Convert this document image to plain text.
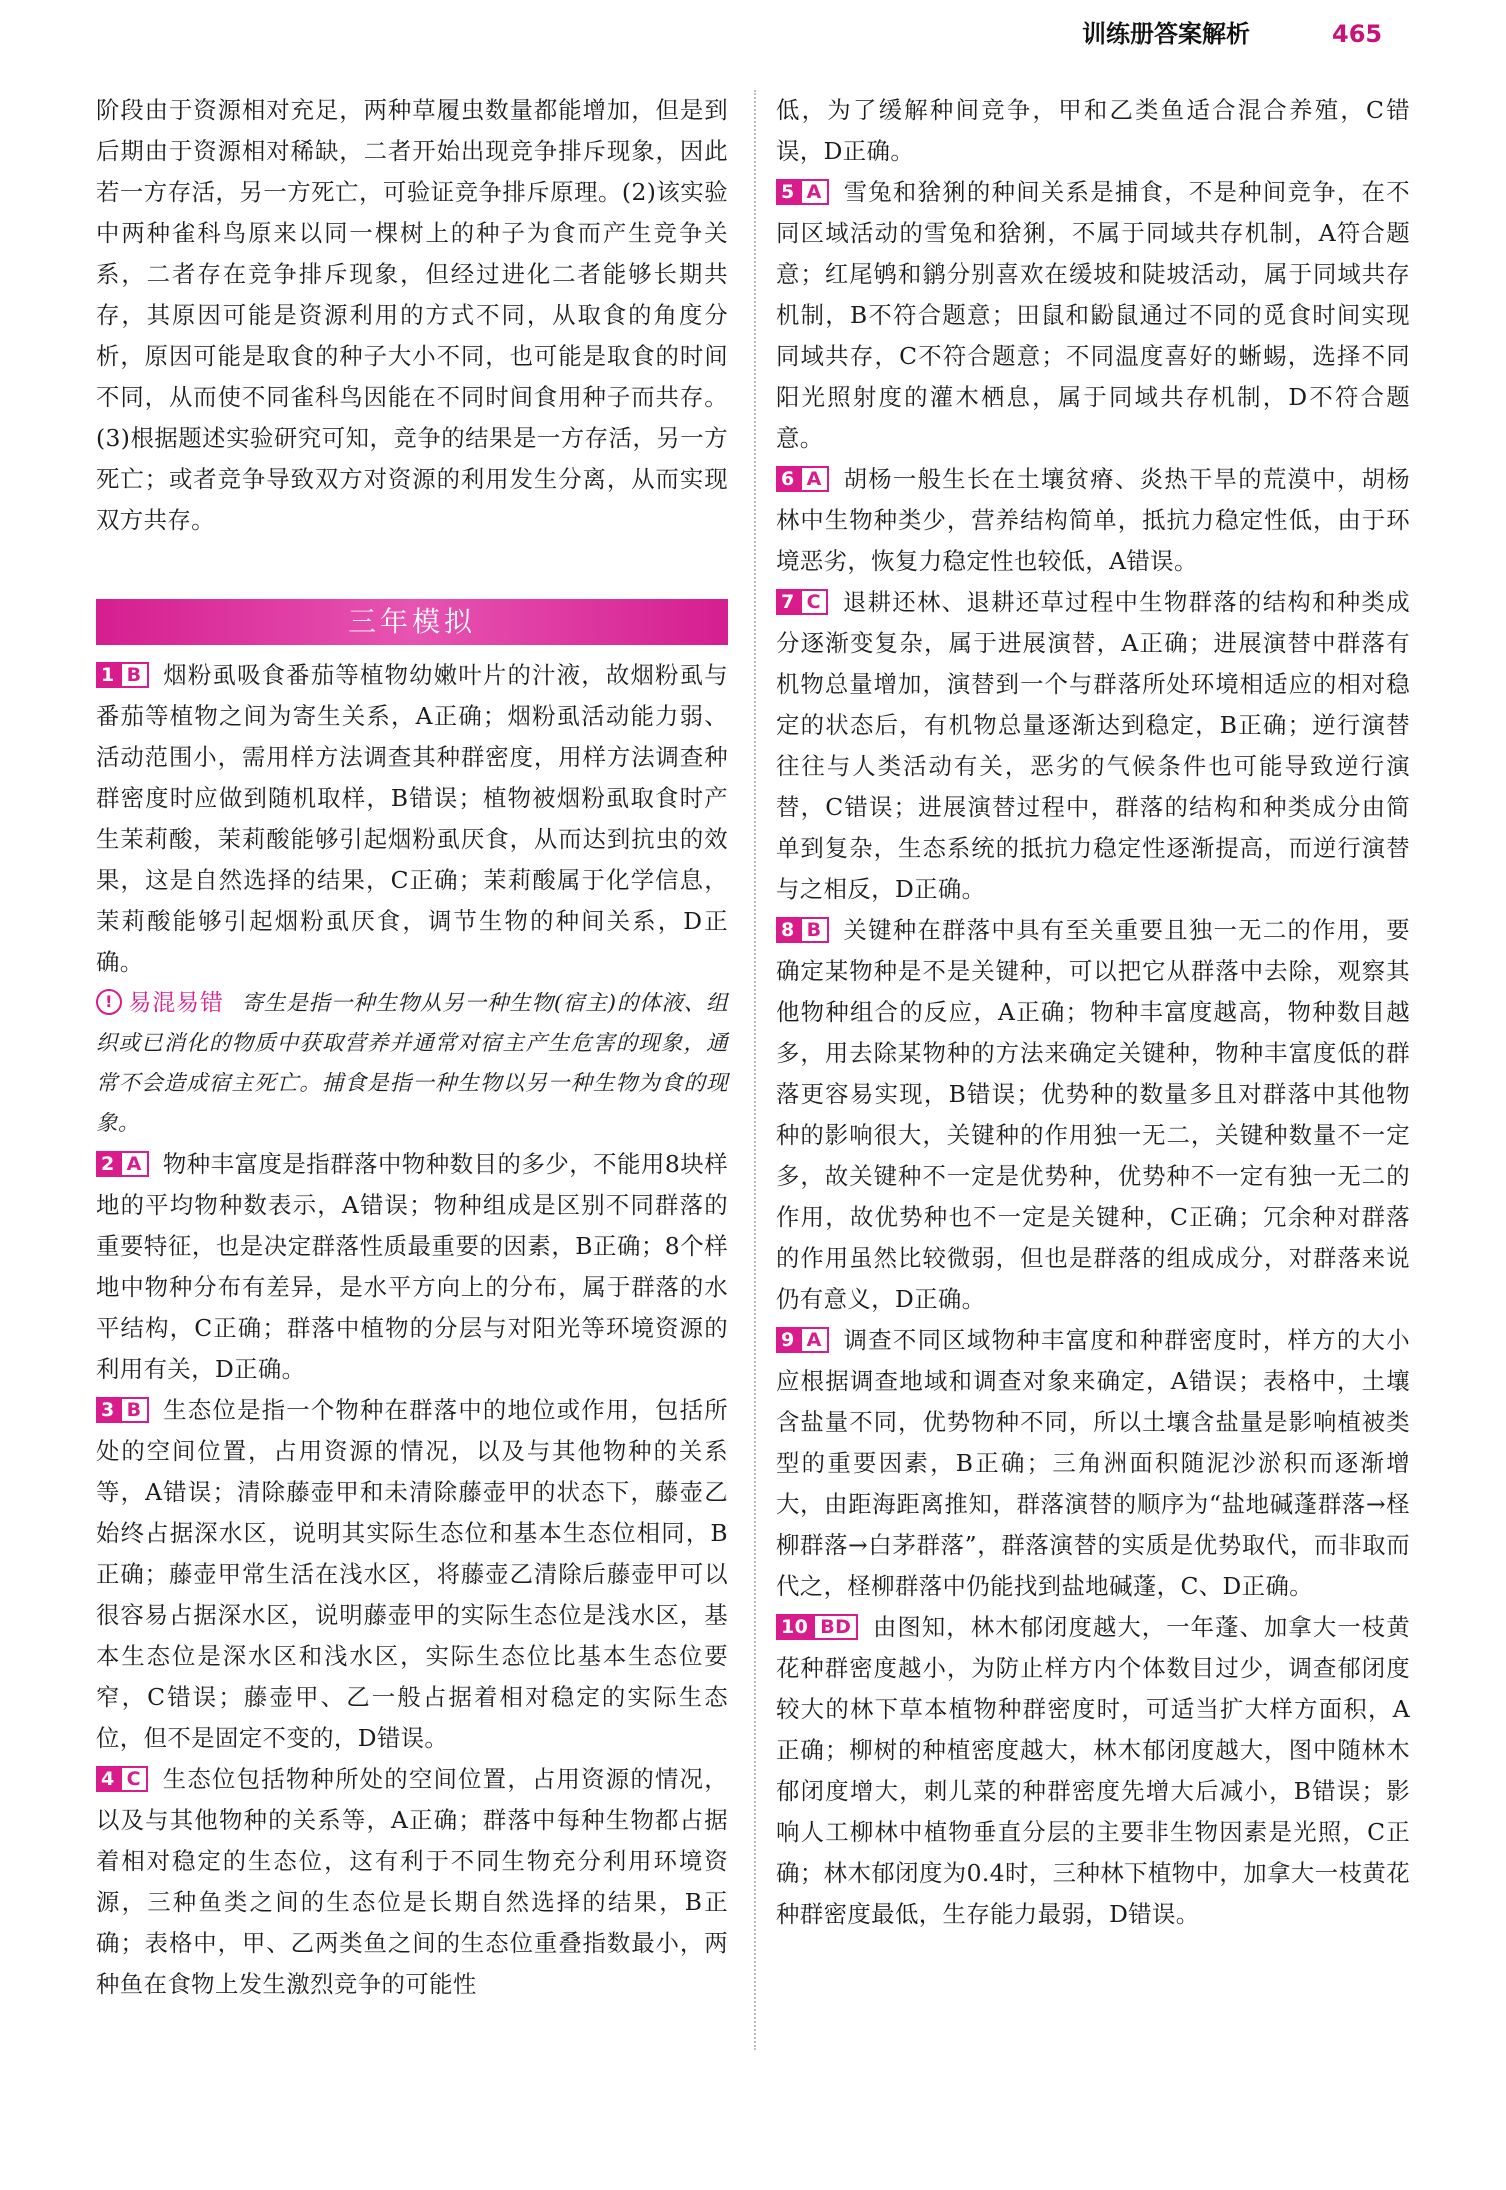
训练册答案解析	465

阶段由于资源相对充足，两种草履虫数量都能增加，但是到后期由于资源相对稀缺，二者开始出现竞争排斥现象，因此若一方存活，另一方死亡，可验证竞争排斥原理。(2)该实验中两种雀科鸟原来以同一棵树上的种子为食而产生竞争关系，二者存在竞争排斥现象，但经过进化二者能够长期共存，其原因可能是资源利用的方式不同，从取食的角度分析，原因可能是取食的种子大小不同，也可能是取食的时间不同，从而使不同雀科鸟因能在不同时间食用种子而共存。(3)根据题述实验研究可知，竞争的结果是一方存活，另一方死亡；或者竞争导致双方对资源的利用发生分离，从而实现双方共存。

三年模拟

1 B 烟粉虱吸食番茄等植物幼嫩叶片的汁液，故烟粉虱与番茄等植物之间为寄生关系，A正确；烟粉虱活动能力弱、活动范围小，需用样方法调查其种群密度，用样方法调查种群密度时应做到随机取样，B错误；植物被烟粉虱取食时产生茉莉酸，茉莉酸能够引起烟粉虱厌食，从而达到抗虫的效果，这是自然选择的结果，C正确；茉莉酸属于化学信息，茉莉酸能够引起烟粉虱厌食，调节生物的种间关系，D正确。

! 易混易错 寄生是指一种生物从另一种生物(宿主)的体液、组织或已消化的物质中获取营养并通常对宿主产生危害的现象，通常不会造成宿主死亡。捕食是指一种生物以另一种生物为食的现象。

2 A 物种丰富度是指群落中物种数目的多少，不能用8块样地的平均物种数表示，A错误；物种组成是区别不同群落的重要特征，也是决定群落性质最重要的因素，B正确；8个样地中物种分布有差异，是水平方向上的分布，属于群落的水平结构，C正确；群落中植物的分层与对阳光等环境资源的利用有关，D正确。

3 B 生态位是指一个物种在群落中的地位或作用，包括所处的空间位置，占用资源的情况，以及与其他物种的关系等，A错误；清除藤壶甲和未清除藤壶甲的状态下，藤壶乙始终占据深水区，说明其实际生态位和基本生态位相同，B正确；藤壶甲常生活在浅水区，将藤壶乙清除后藤壶甲可以很容易占据深水区，说明藤壶甲的实际生态位是浅水区，基本生态位是深水区和浅水区，实际生态位比基本生态位要窄，C错误；藤壶甲、乙一般占据着相对稳定的实际生态位，但不是固定不变的，D错误。

4 C 生态位包括物种所处的空间位置，占用资源的情况，以及与其他物种的关系等，A正确；群落中每种生物都占据着相对稳定的生态位，这有利于不同生物充分利用环境资源，三种鱼类之间的生态位是长期自然选择的结果，B正确；表格中，甲、乙两类鱼之间的生态位重叠指数最小，两种鱼在食物上发生激烈竞争的可能性

低，为了缓解种间竞争，甲和乙类鱼适合混合养殖，C错误，D正确。

5 A 雪兔和猞猁的种间关系是捕食，不是种间竞争，在不同区域活动的雪兔和猞猁，不属于同域共存机制，A符合题意；红尾鸲和鹟分别喜欢在缓坡和陡坡活动，属于同域共存机制，B不符合题意；田鼠和鼢鼠通过不同的觅食时间实现同域共存，C不符合题意；不同温度喜好的蜥蜴，选择不同阳光照射度的灌木栖息，属于同域共存机制，D不符合题意。

6 A 胡杨一般生长在土壤贫瘠、炎热干旱的荒漠中，胡杨林中生物种类少，营养结构简单，抵抗力稳定性低，由于环境恶劣，恢复力稳定性也较低，A错误。

7 C 退耕还林、退耕还草过程中生物群落的结构和种类成分逐渐变复杂，属于进展演替，A正确；进展演替中群落有机物总量增加，演替到一个与群落所处环境相适应的相对稳定的状态后，有机物总量逐渐达到稳定，B正确；逆行演替往往与人类活动有关，恶劣的气候条件也可能导致逆行演替，C错误；进展演替过程中，群落的结构和种类成分由简单到复杂，生态系统的抵抗力稳定性逐渐提高，而逆行演替与之相反，D正确。

8 B 关键种在群落中具有至关重要且独一无二的作用，要确定某物种是不是关键种，可以把它从群落中去除，观察其他物种组合的反应，A正确；物种丰富度越高，物种数目越多，用去除某物种的方法来确定关键种，物种丰富度低的群落更容易实现，B错误；优势种的数量多且对群落中其他物种的影响很大，关键种的作用独一无二，关键种数量不一定多，故关键种不一定是优势种，优势种不一定有独一无二的作用，故优势种也不一定是关键种，C正确；冗余种对群落的作用虽然比较微弱，但也是群落的组成成分，对群落来说仍有意义，D正确。

9 A 调查不同区域物种丰富度和种群密度时，样方的大小应根据调查地域和调查对象来确定，A错误；表格中，土壤含盐量不同，优势物种不同，所以土壤含盐量是影响植被类型的重要因素，B正确；三角洲面积随泥沙淤积而逐渐增大，由距海距离推知，群落演替的顺序为“盐地碱蓬群落→柽柳群落→白茅群落”，群落演替的实质是优势取代，而非取而代之，柽柳群落中仍能找到盐地碱蓬，C、D正确。

10 BD 由图知，林木郁闭度越大，一年蓬、加拿大一枝黄花种群密度越小，为防止样方内个体数目过少，调查郁闭度较大的林下草本植物种群密度时，可适当扩大样方面积，A正确；柳树的种植密度越大，林木郁闭度越大，图中随林木郁闭度增大，刺儿菜的种群密度先增大后减小，B错误；影响人工柳林中植物垂直分层的主要非生物因素是光照，C正确；林木郁闭度为0.4时，三种林下植物中，加拿大一枝黄花种群密度最低，生存能力最弱，D错误。
